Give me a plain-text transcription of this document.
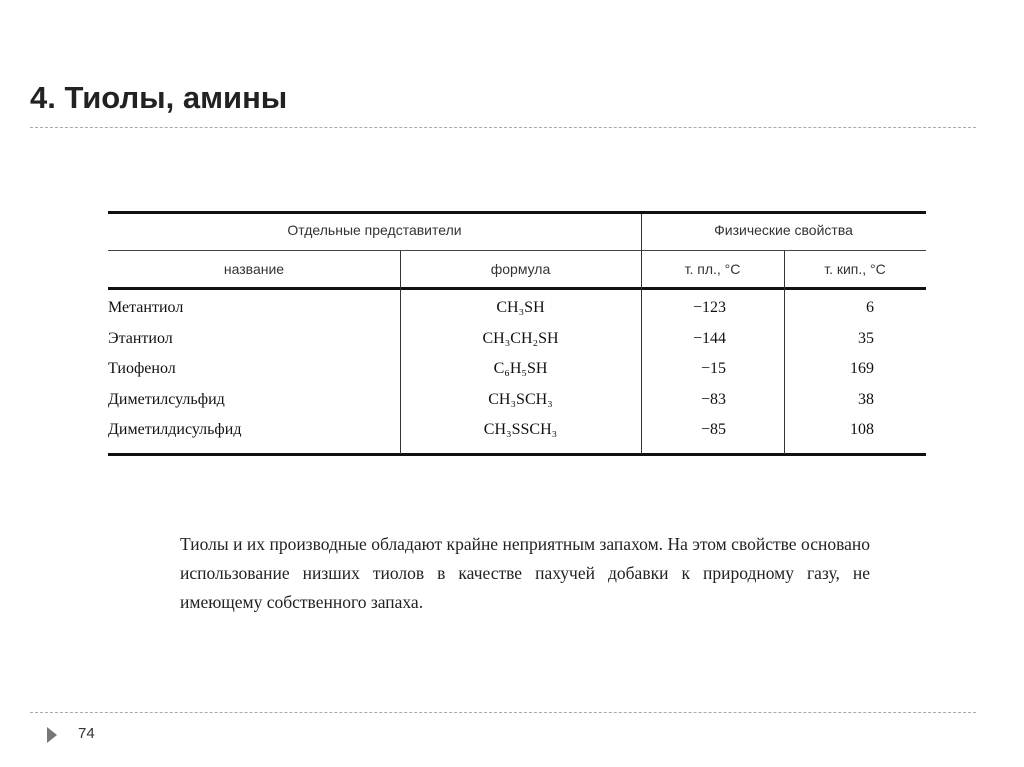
4. Тиолы, амины
Отдельные представители	Физические свойства
название	формула	т. пл., °С	т. кип., °С
Метантиол	CH₃SH	−123	6
Этантиол	CH₃CH₂SH	−144	35
Тиофенол	C₆H₅SH	−15	169
Диметилсульфид	CH₃SCH₃	−83	38
Диметилдисульфид	CH₃SSCH₃	−85	108
Тиолы и их производные обладают крайне неприятным запахом. На этом свойстве основано использование низших тиолов в качестве пахучей добавки к природному газу, не имеющему собственного запаха.
74
